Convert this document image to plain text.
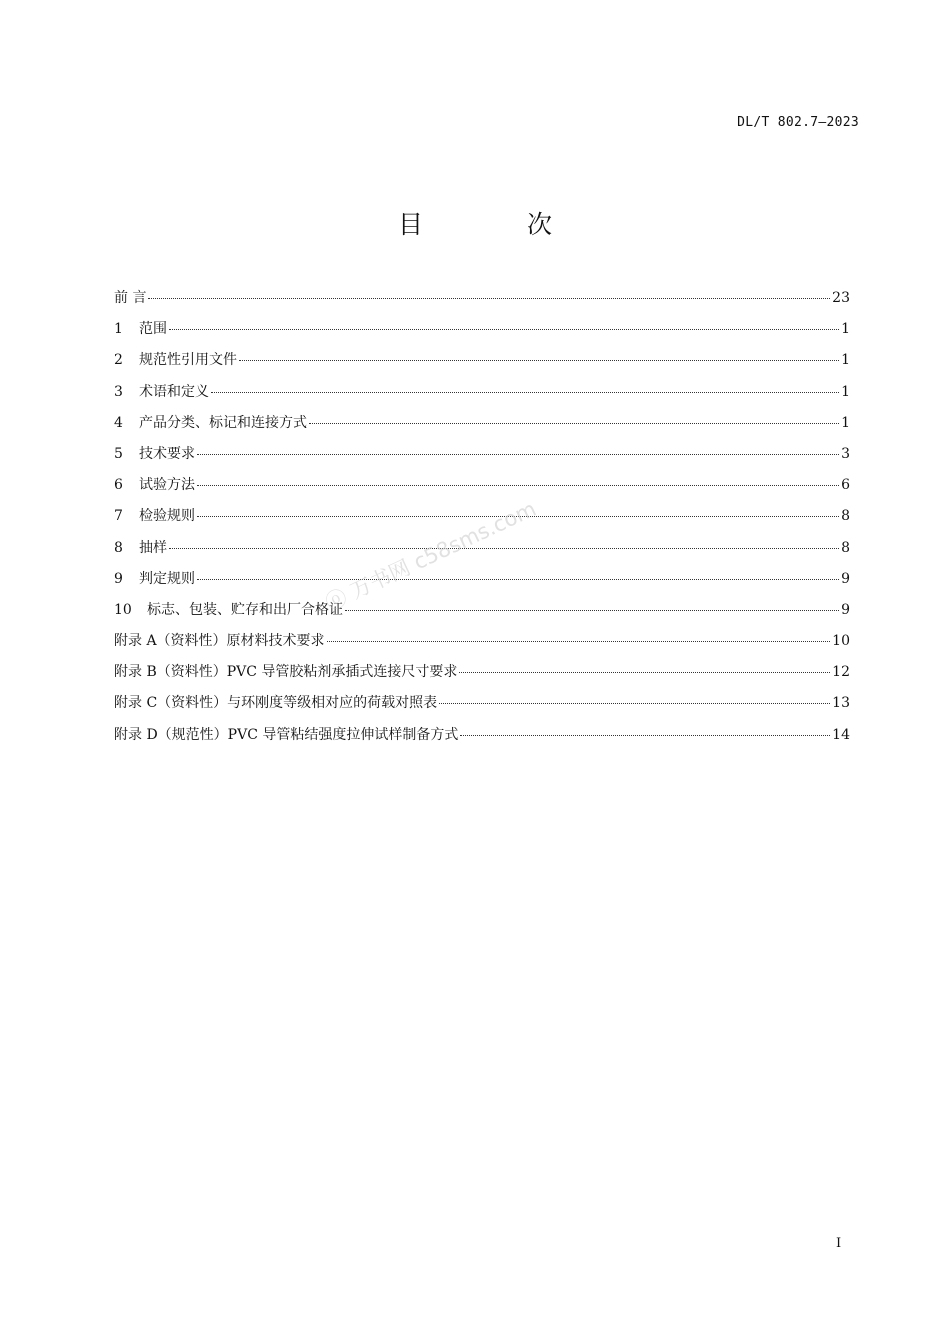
DL/T 802.7—2023
目 次
前 言	23
1	范围	1
2	规范性引用文件	1
3	术语和定义	1
4	产品分类、标记和连接方式	1
5	技术要求	3
6	试验方法	6
7	检验规则	8
8	抽样	8
9	判定规则	9
10	标志、包装、贮存和出厂合格证	9
附录 A（资料性）原材料技术要求	10
附录 B（资料性）PVC 导管胶粘剂承插式连接尺寸要求	12
附录 C（资料性）与环刚度等级相对应的荷载对照表	13
附录 D（规范性）PVC 导管粘结强度拉伸试样制备方式	14
ⓞ 万书网 c58sms.com
I
